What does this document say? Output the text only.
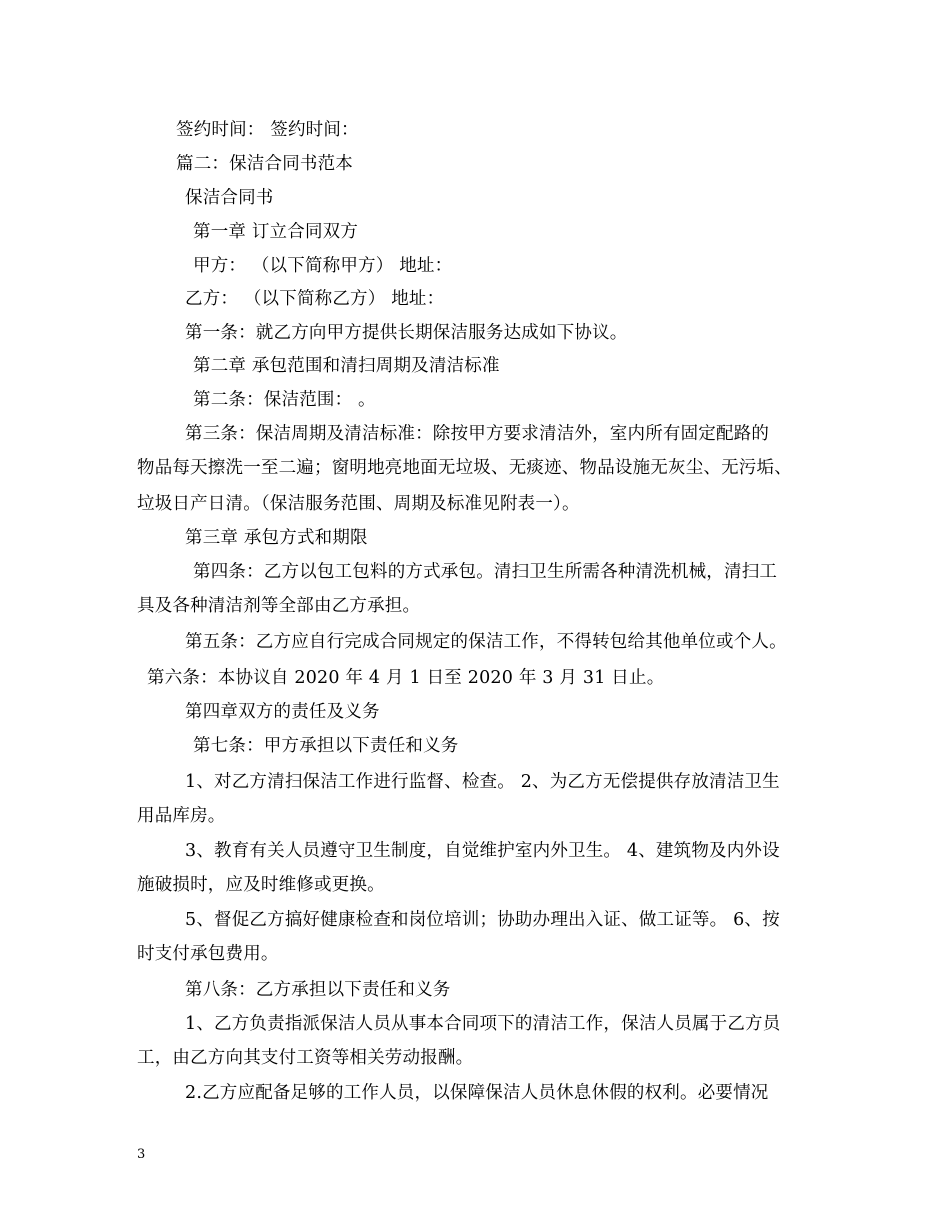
签约时间： 签约时间：
篇二：保洁合同书范本
保洁合同书
第一章 订立合同双方
甲方： （以下简称甲方） 地址：
乙方： （以下简称乙方） 地址：
第一条：就乙方向甲方提供长期保洁服务达成如下协议。
第二章 承包范围和清扫周期及清洁标准
第二条：保洁范围： 。
第三条：保洁周期及清洁标准：除按甲方要求清洁外，室内所有固定配路的
物品每天擦洗一至二遍；窗明地亮地面无垃圾、无痰迹、物品设施无灰尘、无污垢、
垃圾日产日清。（保洁服务范围、周期及标准见附表一）。
第三章 承包方式和期限
第四条：乙方以包工包料的方式承包。清扫卫生所需各种清洗机械，清扫工
具及各种清洁剂等全部由乙方承担。
第五条：乙方应自行完成合同规定的保洁工作，不得转包给其他单位或个人。
第六条：本协议自 2020 年 4 月 1 日至 2020 年 3 月 31 日止。
第四章双方的责任及义务
第七条：甲方承担以下责任和义务
1、对乙方清扫保洁工作进行监督、检查。 2、为乙方无偿提供存放清洁卫生
用品库房。
3、教育有关人员遵守卫生制度，自觉维护室内外卫生。 4、建筑物及内外设
施破损时，应及时维修或更换。
5、督促乙方搞好健康检查和岗位培训；协助办理出入证、做工证等。 6、按
时支付承包费用。
第八条：乙方承担以下责任和义务
1、乙方负责指派保洁人员从事本合同项下的清洁工作，保洁人员属于乙方员
工，由乙方向其支付工资等相关劳动报酬。
2.乙方应配备足够的工作人员，以保障保洁人员休息休假的权利。必要情况
3
